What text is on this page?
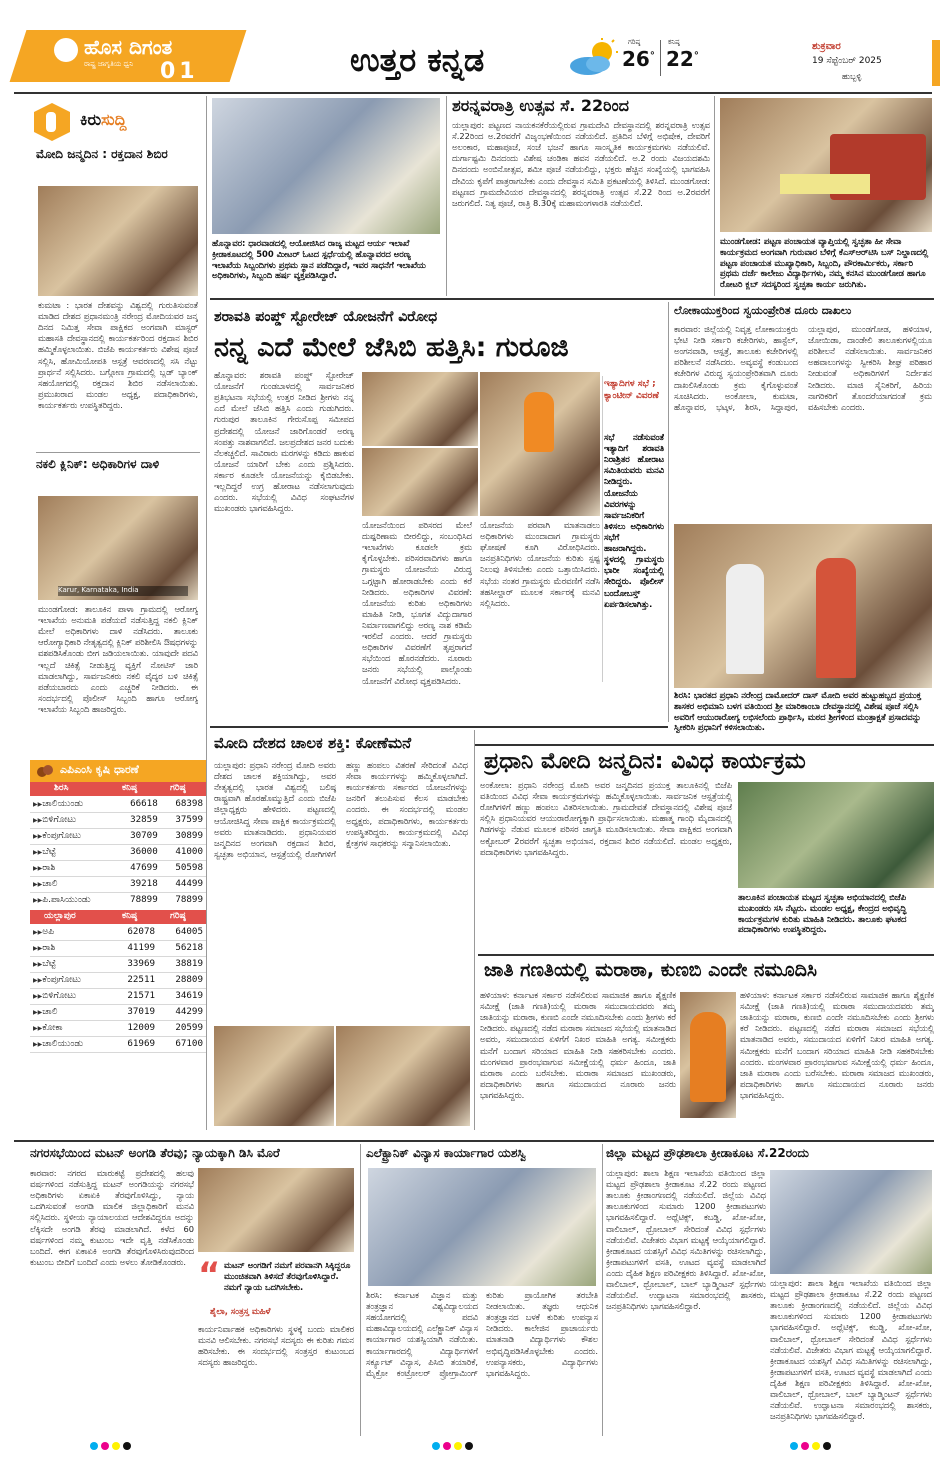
ಹೊಸ ದಿಗಂತ
ರಾಷ್ಟ್ರ ಜಾಗೃತಿಯ ಧ್ವನಿ	01	ಉತ್ತರ ಕನ್ನಡ	ಗರಿಷ್ಠ
26°
ಕನಿಷ್ಠ
22°
ಶುಕ್ರವಾರ
19 ಸೆಪ್ಟೆಂಬರ್ 2025
ಹುಬ್ಬಳ್ಳಿ
ಕಿರುಸುದ್ದಿ
ಮೋದಿ ಜನ್ಮದಿನ : ರಕ್ತದಾನ ಶಿಬಿರ
ಕುಮಟಾ : ಭಾರತ ದೇಶವನ್ನು ವಿಶ್ವದಲ್ಲಿ ಗುರುತಿಸುವಂತೆ ಮಾಡಿದ ದೇಶದ ಪ್ರಧಾನಮಂತ್ರಿ ನರೇಂದ್ರ ಮೋದಿಯವರ ಜನ್ಮ ದಿನದ ನಿಮಿತ್ತ ಸೇವಾ ಪಾಕ್ಷಿಕದ ಅಂಗವಾಗಿ ಮಾಸ್ಟರ್ ಮಹಾಸತಿ ದೇವಸ್ಥಾನದಲ್ಲಿ ಕಾರ್ಯಕರ್ತರಿಂದ ರಕ್ತದಾನ ಶಿಬಿರ ಹಮ್ಮಿಕೊಳ್ಳಲಾಯಿತು. ಬಿಜೆಪಿ ಕಾರ್ಯಕರ್ತರು ವಿಶೇಷ ಪೂಜೆ ಸಲ್ಲಿಸಿ, ಹೋಮಿಯೋಪತಿ ಆಸ್ಪತ್ರೆ ಆವರಣದಲ್ಲಿ ಸಸಿ ನೆಟ್ಟು ಪ್ರಾರ್ಥನೆ ಸಲ್ಲಿಸಿದರು. ಬಗ್ಗೋಣ ಗ್ರಾಮದಲ್ಲಿ ಬ್ಲಡ್ ಬ್ಯಾಂಕ್ ಸಹಯೋಗದಲ್ಲಿ ರಕ್ತದಾನ ಶಿಬಿರ ನಡೆಸಲಾಯಿತು. ಪ್ರಮುಖರಾದ ಮಂಡಲ ಅಧ್ಯಕ್ಷ, ಪದಾಧಿಕಾರಿಗಳು, ಕಾರ್ಯಕರ್ತರು ಉಪಸ್ಥಿತರಿದ್ದರು.
ನಕಲಿ ಕ್ಲಿನಿಕ್: ಅಧಿಕಾರಿಗಳ ದಾಳಿ
Karur, Karnataka, India
ಮುಂಡಗೋಡ: ತಾಲೂಕಿನ ಪಾಳಾ ಗ್ರಾಮದಲ್ಲಿ ಆರೋಗ್ಯ ಇಲಾಖೆಯ ಅನುಮತಿ ಪಡೆಯದೆ ನಡೆಸುತ್ತಿದ್ದ ನಕಲಿ ಕ್ಲಿನಿಕ್ ಮೇಲೆ ಅಧಿಕಾರಿಗಳು ದಾಳಿ ನಡೆಸಿದರು. ತಾಲೂಕು ಆರೋಗ್ಯಾಧಿಕಾರಿ ನೇತೃತ್ವದಲ್ಲಿ ಕ್ಲಿನಿಕ್ ಪರಿಶೀಲಿಸಿ ಔಷಧಗಳನ್ನು ವಶಪಡಿಸಿಕೊಂಡು ಬೀಗ ಜಡಿಯಲಾಯಿತು. ಯಾವುದೇ ಪದವಿ ಇಲ್ಲದೆ ಚಿಕಿತ್ಸೆ ನೀಡುತ್ತಿದ್ದ ವ್ಯಕ್ತಿಗೆ ನೋಟಿಸ್ ಜಾರಿ ಮಾಡಲಾಗಿದ್ದು, ಸಾರ್ವಜನಿಕರು ನಕಲಿ ವೈದ್ಯರ ಬಳಿ ಚಿಕಿತ್ಸೆ ಪಡೆಯಬಾರದು ಎಂದು ಎಚ್ಚರಿಕೆ ನೀಡಿದರು. ಈ ಸಂದರ್ಭದಲ್ಲಿ ಪೊಲೀಸ್ ಸಿಬ್ಬಂದಿ ಹಾಗೂ ಆರೋಗ್ಯ ಇಲಾಖೆಯ ಸಿಬ್ಬಂದಿ ಹಾಜರಿದ್ದರು.
ಎಪಿಎಂಸಿ ಕೃಷಿ ಧಾರಣೆ
ಶಿರಸಿ	ಕನಿಷ್ಠ	ಗರಿಷ್ಠ
▶▶ ಚಾಲಿಯುಂಡು	66618	68398
▶▶ ಬಿಳಿಗೋಟು	32859	37599
▶▶ ಕೆಂಪುಗೋಟು	30709	30899
▶▶ ಬೆಟ್ಟೆ	36000	41000
▶▶ ರಾಶಿ	47699	50598
▶▶ ಚಾಲಿ	39218	44499
▶▶ ಪಿ.ಪಾಸಿಯುಂಡು	78899	78899
ಯಲ್ಲಾಪುರ	ಕನಿಷ್ಠ	ಗರಿಷ್ಠ
▶▶ ಅಪಿ	62078	64005
▶▶ ರಾಶಿ	41199	56218
▶▶ ಬೆಟ್ಟೆ	33969	38819
▶▶ ಕೆಂಪುಗೋಟು	22511	28809
▶▶ ಬಿಳಿಗೋಟು	21571	34619
▶▶ ಚಾಲಿ	37019	44299
▶▶ ಕೋಕಾ	12009	20599
▶▶ ಚಾಲಿಯುಂಡು	61969	67100
ಹೊನ್ನಾವರ: ಧಾರವಾಡದಲ್ಲಿ ಆಯೋಜಿಸಿದ ರಾಜ್ಯ ಮಟ್ಟದ ಆರ್ಯ ಇಲಾಖೆ ಕ್ರೀಡಾಕೂಟದಲ್ಲಿ 500 ಮೀಟರ್ ಓಟದ ಸ್ಪರ್ಧೆಯಲ್ಲಿ ಹೊನ್ನಾವರದ ಅರಣ್ಯ ಇಲಾಖೆಯ ಸಿಬ್ಬಂದಿಗಳು ಪ್ರಥಮ ಸ್ಥಾನ ಪಡೆದಿದ್ದಾರೆ, ಇವರ ಸಾಧನೆಗೆ ಇಲಾಖೆಯ ಅಧಿಕಾರಿಗಳು, ಸಿಬ್ಬಂದಿ ಹರ್ಷ ವ್ಯಕ್ತಪಡಿಸಿದ್ದಾರೆ.
ಶರನ್ನವರಾತ್ರಿ ಉತ್ಸವ ಸೆ. 22ರಿಂದ
ಯಲ್ಲಾಪುರ: ಪಟ್ಟಣದ ನಾಯಕನಕೆರೆಯಲ್ಲಿರುವ ಗ್ರಾಮದೇವಿ ದೇವಸ್ಥಾನದಲ್ಲಿ ಶರನ್ನವರಾತ್ರಿ ಉತ್ಸವ ಸೆ.22ರಿಂದ ಅ.2ರವರೆಗೆ ವಿಜೃಂಭಣೆಯಿಂದ ನಡೆಯಲಿದೆ. ಪ್ರತಿದಿನ ಬೆಳಿಗ್ಗೆ ಅಭಿಷೇಕ, ದೇವರಿಗೆ ಅಲಂಕಾರ, ಮಹಾಪೂಜೆ, ಸಂಜೆ ಭಜನೆ ಹಾಗೂ ಸಾಂಸ್ಕೃತಿಕ ಕಾರ್ಯಕ್ರಮಗಳು ನಡೆಯಲಿವೆ. ದುರ್ಗಾಷ್ಟಮಿ ದಿನದಂದು ವಿಶೇಷ ಚಂಡಿಕಾ ಹವನ ನಡೆಯಲಿದೆ. ಅ.2 ರಂದು ವಿಜಯದಶಮಿ ದಿನದಂದು ಅಂಬಿನೋತ್ಸವ, ಶಮೀ ಪೂಜೆ ನಡೆಯಲಿದ್ದು, ಭಕ್ತರು ಹೆಚ್ಚಿನ ಸಂಖ್ಯೆಯಲ್ಲಿ ಭಾಗವಹಿಸಿ ದೇವಿಯ ಕೃಪೆಗೆ ಪಾತ್ರರಾಗಬೇಕು ಎಂದು ದೇವಸ್ಥಾನ ಸಮಿತಿ ಪ್ರಕಟಣೆಯಲ್ಲಿ ತಿಳಿಸಿದೆ. ಮುಂಡಗೋಡ: ಪಟ್ಟಣದ ಗ್ರಾಮದೇವಿಯರ ದೇವಸ್ಥಾನದಲ್ಲಿ ಶರನ್ನವರಾತ್ರಿ ಉತ್ಸವ ಸೆ.22 ರಿಂದ ಅ.2ರವರೆಗೆ ಜರುಗಲಿದೆ. ನಿತ್ಯ ಪೂಜೆ, ರಾತ್ರಿ 8.30ಕ್ಕೆ ಮಹಾಮಂಗಳಾರತಿ ನಡೆಯಲಿದೆ.
ಮುಂಡಗೋಡ: ಪಟ್ಟಣ ಪಂಚಾಯತ ವ್ಯಾಪ್ತಿಯಲ್ಲಿ ಸ್ವಚ್ಛತಾ ಹೀ ಸೇವಾ ಕಾರ್ಯಕ್ರಮದ ಅಂಗವಾಗಿ ಗುರುವಾರ ಬೆಳಿಗ್ಗೆ ಕೆಎಸ್‌ಆರ್‌ಟಿಸಿ ಬಸ್ ನಿಲ್ದಾಣದಲ್ಲಿ ಪಟ್ಟಣ ಪಂಚಾಯತ ಮುಖ್ಯಾಧಿಕಾರಿ, ಸಿಬ್ಬಂದಿ, ಪೌರಕಾರ್ಮಿಕರು, ಸರ್ಕಾರಿ ಪ್ರಥಮ ದರ್ಜೆ ಕಾಲೇಜು ವಿದ್ಯಾರ್ಥಿಗಳು, ನಮ್ಮ ಕನಸಿನ ಮುಂಡಗೋಡ ಹಾಗೂ ರೋಟರಿ ಕ್ಲಬ್ ಸದಸ್ಯರಿಂದ ಸ್ವಚ್ಛತಾ ಕಾರ್ಯ ಜರುಗಿತು.
ಶರಾವತಿ ಪಂಪ್ಡ್ ಸ್ಟೋರೇಜ್ ಯೋಜನೆಗೆ ವಿರೋಧ
ನನ್ನ ಎದೆ ಮೇಲೆ ಜೆಸಿಬಿ ಹತ್ತಿಸಿ: ಗುರೂಜಿ
ಹೊನ್ನಾವರ: ಶರಾವತಿ ಪಂಪ್ಡ್ ಸ್ಟೋರೇಜ್ ಯೋಜನೆಗೆ ಗುಂಡಬಾಳದಲ್ಲಿ ಸಾರ್ವಜನಿಕರ ಪ್ರತಿಭಟನಾ ಸಭೆಯಲ್ಲಿ ಉತ್ತರ ನೀಡಿದ ಶ್ರೀಗಳು ನನ್ನ ಎದೆ ಮೇಲೆ ಜೆಸಿಬಿ ಹತ್ತಿಸಿ ಎಂದು ಗುಡುಗಿದರು. ಗುರುಪುರ ತಾಲೂಕಿನ ಗೇರುಸೊಪ್ಪ ಸಮೀಪದ ಪ್ರದೇಶದಲ್ಲಿ ಯೋಜನೆ ಜಾರಿಗೊಂಡರೆ ಅರಣ್ಯ ಸಂಪತ್ತು ನಾಶವಾಗಲಿದೆ. ಜಲಪ್ರದೇಶದ ಜನರ ಬದುಕು ನೆಲಕಚ್ಚಲಿದೆ. ಸಾವಿರಾರು ಮರಗಳನ್ನು ಕಡಿದು ಹಾಕುವ ಯೋಜನೆ ಯಾರಿಗೆ ಬೇಕು ಎಂದು ಪ್ರಶ್ನಿಸಿದರು. ಸರ್ಕಾರ ಕೂಡಲೇ ಯೋಜನೆಯನ್ನು ಕೈಬಿಡಬೇಕು. ಇಲ್ಲದಿದ್ದರೆ ಉಗ್ರ ಹೋರಾಟ ನಡೆಸಲಾಗುವುದು ಎಂದರು. ಸಭೆಯಲ್ಲಿ ವಿವಿಧ ಸಂಘಟನೆಗಳ ಮುಖಂಡರು ಭಾಗವಹಿಸಿದ್ದರು.
ಯೋಜನೆಯಿಂದ ಪರಿಸರದ ಮೇಲೆ ದುಷ್ಪರಿಣಾಮ ಬೀರಲಿದ್ದು, ಸಂಬಂಧಿಸಿದ ಇಲಾಖೆಗಳು ಕೂಡಲೇ ಕ್ರಮ ಕೈಗೊಳ್ಳಬೇಕು. ಪರಿಸರವಾದಿಗಳು ಹಾಗೂ ಗ್ರಾಮಸ್ಥರು ಯೋಜನೆಯ ವಿರುದ್ಧ ಒಗ್ಗಟ್ಟಾಗಿ ಹೋರಾಡಬೇಕು ಎಂದು ಕರೆ ನೀಡಿದರು. ಅಧಿಕಾರಿಗಳ ವಿವರಣೆ: ಯೋಜನೆಯ ಕುರಿತು ಅಧಿಕಾರಿಗಳು ಮಾಹಿತಿ ನೀಡಿ, ಭೂಗತ ವಿದ್ಯುದಾಗಾರ ನಿರ್ಮಾಣವಾಗಲಿದ್ದು ಅರಣ್ಯ ನಾಶ ಕಡಿಮೆ ಇರಲಿದೆ ಎಂದರು. ಆದರೆ ಗ್ರಾಮಸ್ಥರು ಅಧಿಕಾರಿಗಳ ವಿವರಣೆಗೆ ತೃಪ್ತರಾಗದೆ ಸಭೆಯಿಂದ ಹೊರನಡೆದರು. ನೂರಾರು ಜನರು ಸಭೆಯಲ್ಲಿ ಪಾಲ್ಗೊಂಡು ಯೋಜನೆಗೆ ವಿರೋಧ ವ್ಯಕ್ತಪಡಿಸಿದರು.
ಯೋಜನೆಯ ಪರವಾಗಿ ಮಾತನಾಡಲು ಅಧಿಕಾರಿಗಳು ಮುಂದಾದಾಗ ಗ್ರಾಮಸ್ಥರು ಘೋಷಣೆ ಕೂಗಿ ವಿರೋಧಿಸಿದರು. ಜನಪ್ರತಿನಿಧಿಗಳು ಯೋಜನೆಯ ಕುರಿತು ಸ್ಪಷ್ಟ ನಿಲುವು ತಿಳಿಸಬೇಕು ಎಂದು ಒತ್ತಾಯಿಸಿದರು. ಸಭೆಯ ನಂತರ ಗ್ರಾಮಸ್ಥರು ಮೆರವಣಿಗೆ ನಡೆಸಿ ತಹಸೀಲ್ದಾರ್ ಮೂಲಕ ಸರ್ಕಾರಕ್ಕೆ ಮನವಿ ಸಲ್ಲಿಸಿದರು.
ಇತ್ಯಾದಿಗಳ ಸಭೆ ; ಕ್ಯಾಂಟೀನ್ ವಿವರಣೆ
ಸಭೆ ನಡೆಸುವಂತೆ ಇತ್ಯಾದಿಗೆ ಶರಾವತಿ ನಿರಾಶ್ರಿತರ ಹೋರಾಟ ಸಮಿತಿಯವರು ಮನವಿ ನೀಡಿದ್ದರು. ಯೋಜನೆಯ ವಿವರಗಳನ್ನು ಸಾರ್ವಜನಿಕರಿಗೆ ತಿಳಿಸಲು ಅಧಿಕಾರಿಗಳು ಸಭೆಗೆ ಹಾಜರಾಗಿದ್ದರು. ಸ್ಥಳದಲ್ಲಿ ಗ್ರಾಮಸ್ಥರು ಭಾರೀ ಸಂಖ್ಯೆಯಲ್ಲಿ ಸೇರಿದ್ದರು. ಪೊಲೀಸ್ ಬಂದೋಬಸ್ತ್ ಏರ್ಪಡಿಸಲಾಗಿತ್ತು.
ಲೋಕಾಯುಕ್ತರಿಂದ ಸ್ವಯಂಪ್ರೇರಿತ ದೂರು ದಾಖಲು
ಕಾರವಾರ: ಜಿಲ್ಲೆಯಲ್ಲಿ ನಿವೃತ್ತ ಲೋಕಾಯುಕ್ತರು ಭೇಟಿ ನೀಡಿ ಸರ್ಕಾರಿ ಕಚೇರಿಗಳು, ಹಾಸ್ಟೆಲ್, ಅಂಗನವಾಡಿ, ಆಸ್ಪತ್ರೆ, ತಾಲೂಕು ಕಚೇರಿಗಳಲ್ಲಿ ಪರಿಶೀಲನೆ ನಡೆಸಿದರು. ಅವ್ಯವಸ್ಥೆ ಕಂಡುಬಂದ ಕಚೇರಿಗಳ ವಿರುದ್ಧ ಸ್ವಯಂಪ್ರೇರಿತವಾಗಿ ದೂರು ದಾಖಲಿಸಿಕೊಂಡು ಕ್ರಮ ಕೈಗೊಳ್ಳುವಂತೆ ಸೂಚಿಸಿದರು. ಅಂಕೋಲಾ, ಕುಮಟಾ, ಹೊನ್ನಾವರ, ಭಟ್ಕಳ, ಶಿರಸಿ, ಸಿದ್ದಾಪುರ, ಯಲ್ಲಾಪುರ, ಮುಂಡಗೋಡ, ಹಳಿಯಾಳ, ಜೋಯಿಡಾ, ದಾಂಡೇಲಿ ತಾಲೂಕುಗಳಲ್ಲಿಯೂ ಪರಿಶೀಲನೆ ನಡೆಸಲಾಯಿತು. ಸಾರ್ವಜನಿಕರ ಅಹವಾಲುಗಳನ್ನು ಸ್ವೀಕರಿಸಿ ಶೀಘ್ರ ಪರಿಹಾರ ನೀಡುವಂತೆ ಅಧಿಕಾರಿಗಳಿಗೆ ನಿರ್ದೇಶನ ನೀಡಿದರು. ಮಾಜಿ ಸೈನಿಕರಿಗೆ, ಹಿರಿಯ ನಾಗರಿಕರಿಗೆ ತೊಂದರೆಯಾಗದಂತೆ ಕ್ರಮ ವಹಿಸಬೇಕು ಎಂದರು.
ಶಿರಸಿ: ಭಾರತದ ಪ್ರಧಾನಿ ನರೇಂದ್ರ ದಾಮೋದರ್ ದಾಸ್ ಮೋದಿ ಅವರ ಹುಟ್ಟುಹಬ್ಬದ ಪ್ರಯುಕ್ತ ಶಾಸಕರ ಅಭಿಮಾನಿ ಬಳಗ ವತಿಯಿಂದ ಶ್ರೀ ಮಾರಿಕಾಂಬಾ ದೇವಸ್ಥಾನದಲ್ಲಿ ವಿಶೇಷ ಪೂಜೆ ಸಲ್ಲಿಸಿ ಅವರಿಗೆ ಆಯುರಾರೋಗ್ಯ ಲಭಿಸಲೆಂದು ಪ್ರಾರ್ಥಿಸಿ, ಮಠದ ಶ್ರೀಗಳಿಂದ ಮಂತ್ರಾಕ್ಷತೆ ಪ್ರಸಾದವನ್ನು ಸ್ವೀಕರಿಸಿ ಪ್ರಧಾನಿಗೆ ಕಳಿಸಲಾಯಿತು.
ಮೋದಿ ದೇಶದ ಚಾಲಕ ಶಕ್ತಿ: ಕೋಣೆಮನೆ
ಯಲ್ಲಾಪುರ: ಪ್ರಧಾನಿ ನರೇಂದ್ರ ಮೋದಿ ಅವರು ದೇಶದ ಚಾಲಕ ಶಕ್ತಿಯಾಗಿದ್ದು, ಅವರ ನೇತೃತ್ವದಲ್ಲಿ ಭಾರತ ವಿಶ್ವದಲ್ಲಿ ಬಲಿಷ್ಠ ರಾಷ್ಟ್ರವಾಗಿ ಹೊರಹೊಮ್ಮುತ್ತಿದೆ ಎಂದು ಬಿಜೆಪಿ ಜಿಲ್ಲಾಧ್ಯಕ್ಷರು ಹೇಳಿದರು. ಪಟ್ಟಣದಲ್ಲಿ ಆಯೋಜಿಸಿದ್ದ ಸೇವಾ ಪಾಕ್ಷಿಕ ಕಾರ್ಯಕ್ರಮದಲ್ಲಿ ಅವರು ಮಾತನಾಡಿದರು. ಪ್ರಧಾನಿಯವರ ಜನ್ಮದಿನದ ಅಂಗವಾಗಿ ರಕ್ತದಾನ ಶಿಬಿರ, ಸ್ವಚ್ಛತಾ ಅಭಿಯಾನ, ಆಸ್ಪತ್ರೆಯಲ್ಲಿ ರೋಗಿಗಳಿಗೆ ಹಣ್ಣು ಹಂಪಲು ವಿತರಣೆ ಸೇರಿದಂತೆ ವಿವಿಧ ಸೇವಾ ಕಾರ್ಯಗಳನ್ನು ಹಮ್ಮಿಕೊಳ್ಳಲಾಗಿದೆ. ಕಾರ್ಯಕರ್ತರು ಸರ್ಕಾರದ ಯೋಜನೆಗಳನ್ನು ಜನರಿಗೆ ತಲುಪಿಸುವ ಕೆಲಸ ಮಾಡಬೇಕು ಎಂದರು. ಈ ಸಂದರ್ಭದಲ್ಲಿ ಮಂಡಲ ಅಧ್ಯಕ್ಷರು, ಪದಾಧಿಕಾರಿಗಳು, ಕಾರ್ಯಕರ್ತರು ಉಪಸ್ಥಿತರಿದ್ದರು. ಕಾರ್ಯಕ್ರಮದಲ್ಲಿ ವಿವಿಧ ಕ್ಷೇತ್ರಗಳ ಸಾಧಕರನ್ನು ಸನ್ಮಾನಿಸಲಾಯಿತು.
ಪ್ರಧಾನಿ ಮೋದಿ ಜನ್ಮದಿನ: ವಿವಿಧ ಕಾರ್ಯಕ್ರಮ
ಅಂಕೋಲಾ: ಪ್ರಧಾನಿ ನರೇಂದ್ರ ಮೋದಿ ಅವರ ಜನ್ಮದಿನದ ಪ್ರಯುಕ್ತ ತಾಲೂಕಿನಲ್ಲಿ ಬಿಜೆಪಿ ವತಿಯಿಂದ ವಿವಿಧ ಸೇವಾ ಕಾರ್ಯಕ್ರಮಗಳನ್ನು ಹಮ್ಮಿಕೊಳ್ಳಲಾಯಿತು. ಸಾರ್ವಜನಿಕ ಆಸ್ಪತ್ರೆಯಲ್ಲಿ ರೋಗಿಗಳಿಗೆ ಹಣ್ಣು ಹಂಪಲು ವಿತರಿಸಲಾಯಿತು. ಗ್ರಾಮದೇವತೆ ದೇವಸ್ಥಾನದಲ್ಲಿ ವಿಶೇಷ ಪೂಜೆ ಸಲ್ಲಿಸಿ ಪ್ರಧಾನಿಯವರ ಆಯುರಾರೋಗ್ಯಕ್ಕಾಗಿ ಪ್ರಾರ್ಥಿಸಲಾಯಿತು. ಮಹಾತ್ಮ ಗಾಂಧಿ ಮೈದಾನದಲ್ಲಿ ಗಿಡಗಳನ್ನು ನೆಡುವ ಮೂಲಕ ಪರಿಸರ ಜಾಗೃತಿ ಮೂಡಿಸಲಾಯಿತು. ಸೇವಾ ಪಾಕ್ಷಿಕದ ಅಂಗವಾಗಿ ಅಕ್ಟೋಬರ್ 2ರವರೆಗೆ ಸ್ವಚ್ಛತಾ ಅಭಿಯಾನ, ರಕ್ತದಾನ ಶಿಬಿರ ನಡೆಯಲಿದೆ. ಮಂಡಲ ಅಧ್ಯಕ್ಷರು, ಪದಾಧಿಕಾರಿಗಳು ಭಾಗವಹಿಸಿದ್ದರು.
ತಾಲೂಕಿನ ಪಂಚಾಯತ ಮಟ್ಟದ ಸ್ವಚ್ಛತಾ ಅಭಿಯಾನದಲ್ಲಿ ಬಿಜೆಪಿ ಮುಖಂಡರು ಸಸಿ ನೆಟ್ಟರು. ಮಂಡಲ ಅಧ್ಯಕ್ಷ, ಕೇಂದ್ರದ ಅಭಿವೃದ್ಧಿ ಕಾರ್ಯಕ್ರಮಗಳ ಕುರಿತು ಮಾಹಿತಿ ನೀಡಿದರು. ತಾಲೂಕು ಘಟಕದ ಪದಾಧಿಕಾರಿಗಳು ಉಪಸ್ಥಿತರಿದ್ದರು.
ಜಾತಿ ಗಣತಿಯಲ್ಲಿ ಮರಾಠಾ, ಕುಣಬಿ ಎಂದೇ ನಮೂದಿಸಿ
ಹಳಿಯಾಳ: ಕರ್ನಾಟಕ ಸರ್ಕಾರ ನಡೆಸಲಿರುವ ಸಾಮಾಜಿಕ ಹಾಗೂ ಶೈಕ್ಷಣಿಕ ಸಮೀಕ್ಷೆ (ಜಾತಿ ಗಣತಿ)ಯಲ್ಲಿ ಮರಾಠಾ ಸಮುದಾಯದವರು ತಮ್ಮ ಜಾತಿಯನ್ನು ಮರಾಠಾ, ಕುಣಬಿ ಎಂದೇ ನಮೂದಿಸಬೇಕು ಎಂದು ಶ್ರೀಗಳು ಕರೆ ನೀಡಿದರು. ಪಟ್ಟಣದಲ್ಲಿ ನಡೆದ ಮರಾಠಾ ಸಮಾಜದ ಸಭೆಯಲ್ಲಿ ಮಾತನಾಡಿದ ಅವರು, ಸಮುದಾಯದ ಏಳಿಗೆಗೆ ನಿಖರ ಮಾಹಿತಿ ಅಗತ್ಯ. ಸಮೀಕ್ಷಕರು ಮನೆಗೆ ಬಂದಾಗ ಸರಿಯಾದ ಮಾಹಿತಿ ನೀಡಿ ಸಹಕರಿಸಬೇಕು ಎಂದರು. ಮಂಗಳವಾರ ಪ್ರಾರಂಭವಾಗುವ ಸಮೀಕ್ಷೆಯಲ್ಲಿ ಧರ್ಮ ಹಿಂದೂ, ಜಾತಿ ಮರಾಠಾ ಎಂದು ಬರೆಸಬೇಕು. ಮರಾಠಾ ಸಮಾಜದ ಮುಖಂಡರು, ಪದಾಧಿಕಾರಿಗಳು ಹಾಗೂ ಸಮುದಾಯದ ನೂರಾರು ಜನರು ಭಾಗವಹಿಸಿದ್ದರು.
ಹಳಿಯಾಳ: ಕರ್ನಾಟಕ ಸರ್ಕಾರ ನಡೆಸಲಿರುವ ಸಾಮಾಜಿಕ ಹಾಗೂ ಶೈಕ್ಷಣಿಕ ಸಮೀಕ್ಷೆ (ಜಾತಿ ಗಣತಿ)ಯಲ್ಲಿ ಮರಾಠಾ ಸಮುದಾಯದವರು ತಮ್ಮ ಜಾತಿಯನ್ನು ಮರಾಠಾ, ಕುಣಬಿ ಎಂದೇ ನಮೂದಿಸಬೇಕು ಎಂದು ಶ್ರೀಗಳು ಕರೆ ನೀಡಿದರು. ಪಟ್ಟಣದಲ್ಲಿ ನಡೆದ ಮರಾಠಾ ಸಮಾಜದ ಸಭೆಯಲ್ಲಿ ಮಾತನಾಡಿದ ಅವರು, ಸಮುದಾಯದ ಏಳಿಗೆಗೆ ನಿಖರ ಮಾಹಿತಿ ಅಗತ್ಯ. ಸಮೀಕ್ಷಕರು ಮನೆಗೆ ಬಂದಾಗ ಸರಿಯಾದ ಮಾಹಿತಿ ನೀಡಿ ಸಹಕರಿಸಬೇಕು ಎಂದರು. ಮಂಗಳವಾರ ಪ್ರಾರಂಭವಾಗುವ ಸಮೀಕ್ಷೆಯಲ್ಲಿ ಧರ್ಮ ಹಿಂದೂ, ಜಾತಿ ಮರಾಠಾ ಎಂದು ಬರೆಸಬೇಕು. ಮರಾಠಾ ಸಮಾಜದ ಮುಖಂಡರು, ಪದಾಧಿಕಾರಿಗಳು ಹಾಗೂ ಸಮುದಾಯದ ನೂರಾರು ಜನರು ಭಾಗವಹಿಸಿದ್ದರು.
ನಗರಸಭೆಯಿಂದ ಮಟನ್ ಅಂಗಡಿ ತೆರವು; ನ್ಯಾಯಕ್ಕಾಗಿ ಡಿಸಿ ಮೊರೆ
ಕಾರವಾರ: ನಗರದ ಮಾರುಕಟ್ಟೆ ಪ್ರದೇಶದಲ್ಲಿ ಹಲವು ವರ್ಷಗಳಿಂದ ನಡೆಸುತ್ತಿದ್ದ ಮಟನ್ ಅಂಗಡಿಯನ್ನು ನಗರಸಭೆ ಅಧಿಕಾರಿಗಳು ಏಕಾಏಕಿ ತೆರವುಗೊಳಿಸಿದ್ದು, ನ್ಯಾಯ ಒದಗಿಸುವಂತೆ ಅಂಗಡಿ ಮಾಲಿಕ ಜಿಲ್ಲಾಧಿಕಾರಿಗೆ ಮನವಿ ಸಲ್ಲಿಸಿದರು. ಸ್ಥಳೀಯ ನ್ಯಾಯಾಲಯದ ಆದೇಶವಿದ್ದರೂ ಅದನ್ನು ಲೆಕ್ಕಿಸದೇ ಅಂಗಡಿ ತೆರವು ಮಾಡಲಾಗಿದೆ. ಕಳೆದ 60 ವರ್ಷಗಳಿಂದ ನಮ್ಮ ಕುಟುಂಬ ಇದೇ ವೃತ್ತಿ ನಡೆಸಿಕೊಂಡು ಬಂದಿದೆ. ಈಗ ಏಕಾಏಕಿ ಅಂಗಡಿ ತೆರವುಗೊಳಿಸಿರುವುದರಿಂದ ಕುಟುಂಬ ಬೀದಿಗೆ ಬಂದಿದೆ ಎಂದು ಅಳಲು ತೋಡಿಕೊಂಡರು. “ ಮಟನ್ ಅಂಗಡಿಗೆ ನಮಗೆ ಪರವಾನಗಿ ಸಿಕ್ಕಿದ್ದರೂ ಮುಂಚಿತವಾಗಿ ತಿಳಿಸದೆ ತೆರವುಗೊಳಿಸಿದ್ದಾರೆ. ನಮಗೆ ನ್ಯಾಯ ಒದಗಿಸಬೇಕು.
ಶೈಲಾ, ಸಂತ್ರಸ್ತ ಮಹಿಳೆ
ಕಾರ್ಯನಿರ್ವಾಹಕ ಅಧಿಕಾರಿಗಳು ಸ್ಥಳಕ್ಕೆ ಬಂದು ಮಾಲಿಕರ ಮನವಿ ಆಲಿಸಬೇಕು. ನಗರಸಭೆ ಸದಸ್ಯರು ಈ ಕುರಿತು ಗಮನ ಹರಿಸಬೇಕು. ಈ ಸಂದರ್ಭದಲ್ಲಿ ಸಂತ್ರಸ್ತರ ಕುಟುಂಬದ ಸದಸ್ಯರು ಹಾಜರಿದ್ದರು.
ಎಲೆಕ್ಟ್ರಾನಿಕ್ ವಿನ್ಯಾಸ ಕಾರ್ಯಾಗಾರ ಯಶಸ್ವಿ
ಶಿರಸಿ: ಕರ್ನಾಟಕ ವಿಜ್ಞಾನ ಮತ್ತು ತಂತ್ರಜ್ಞಾನ ವಿಶ್ವವಿದ್ಯಾಲಯದ ಸಹಯೋಗದಲ್ಲಿ ಪದವಿ ಮಹಾವಿದ್ಯಾಲಯದಲ್ಲಿ ಎಲೆಕ್ಟ್ರಾನಿಕ್ ವಿನ್ಯಾಸ ಕಾರ್ಯಾಗಾರ ಯಶಸ್ವಿಯಾಗಿ ನಡೆಯಿತು. ಕಾರ್ಯಾಗಾರದಲ್ಲಿ ವಿದ್ಯಾರ್ಥಿಗಳಿಗೆ ಸರ್ಕ್ಯೂಟ್ ವಿನ್ಯಾಸ, ಪಿಸಿಬಿ ತಯಾರಿಕೆ, ಮೈಕ್ರೋ ಕಂಟ್ರೋಲರ್ ಪ್ರೋಗ್ರಾಮಿಂಗ್ ಕುರಿತು ಪ್ರಾಯೋಗಿಕ ತರಬೇತಿ ನೀಡಲಾಯಿತು. ತಜ್ಞರು ಆಧುನಿಕ ತಂತ್ರಜ್ಞಾನದ ಬಳಕೆ ಕುರಿತು ಉಪನ್ಯಾಸ ನೀಡಿದರು. ಕಾಲೇಜಿನ ಪ್ರಾಚಾರ್ಯರು ಮಾತನಾಡಿ ವಿದ್ಯಾರ್ಥಿಗಳು ಕೌಶಲ ಅಭಿವೃದ್ಧಿಪಡಿಸಿಕೊಳ್ಳಬೇಕು ಎಂದರು. ಉಪನ್ಯಾಸಕರು, ವಿದ್ಯಾರ್ಥಿಗಳು ಭಾಗವಹಿಸಿದ್ದರು.
ಜಿಲ್ಲಾ ಮಟ್ಟದ ಪ್ರೌಢಶಾಲಾ ಕ್ರೀಡಾಕೂಟ ಸೆ.22ರಂದು
ಯಲ್ಲಾಪುರ: ಶಾಲಾ ಶಿಕ್ಷಣ ಇಲಾಖೆಯ ವತಿಯಿಂದ ಜಿಲ್ಲಾ ಮಟ್ಟದ ಪ್ರೌಢಶಾಲಾ ಕ್ರೀಡಾಕೂಟ ಸೆ.22 ರಂದು ಪಟ್ಟಣದ ತಾಲೂಕು ಕ್ರೀಡಾಂಗಣದಲ್ಲಿ ನಡೆಯಲಿದೆ. ಜಿಲ್ಲೆಯ ವಿವಿಧ ತಾಲೂಕುಗಳಿಂದ ಸುಮಾರು 1200 ಕ್ರೀಡಾಪಟುಗಳು ಭಾಗವಹಿಸಲಿದ್ದಾರೆ. ಅಥ್ಲೆಟಿಕ್ಸ್, ಕಬಡ್ಡಿ, ಖೋ-ಖೋ, ವಾಲಿಬಾಲ್, ಥ್ರೋಬಾಲ್ ಸೇರಿದಂತೆ ವಿವಿಧ ಸ್ಪರ್ಧೆಗಳು ನಡೆಯಲಿವೆ. ವಿಜೇತರು ವಿಭಾಗ ಮಟ್ಟಕ್ಕೆ ಆಯ್ಕೆಯಾಗಲಿದ್ದಾರೆ. ಕ್ರೀಡಾಕೂಟದ ಯಶಸ್ಸಿಗೆ ವಿವಿಧ ಸಮಿತಿಗಳನ್ನು ರಚಿಸಲಾಗಿದ್ದು, ಕ್ರೀಡಾಪಟುಗಳಿಗೆ ವಸತಿ, ಊಟದ ವ್ಯವಸ್ಥೆ ಮಾಡಲಾಗಿದೆ ಎಂದು ದೈಹಿಕ ಶಿಕ್ಷಣ ಪರಿವೀಕ್ಷಕರು ತಿಳಿಸಿದ್ದಾರೆ. ಖೋ-ಖೋ, ವಾಲಿಬಾಲ್, ಥ್ರೋಬಾಲ್, ಬಾಲ್ ಬ್ಯಾಡ್ಮಿಂಟನ್ ಸ್ಪರ್ಧೆಗಳು ನಡೆಯಲಿವೆ. ಉದ್ಘಾಟನಾ ಸಮಾರಂಭದಲ್ಲಿ ಶಾಸಕರು, ಜನಪ್ರತಿನಿಧಿಗಳು ಭಾಗವಹಿಸಲಿದ್ದಾರೆ.
ಯಲ್ಲಾಪುರ: ಶಾಲಾ ಶಿಕ್ಷಣ ಇಲಾಖೆಯ ವತಿಯಿಂದ ಜಿಲ್ಲಾ ಮಟ್ಟದ ಪ್ರೌಢಶಾಲಾ ಕ್ರೀಡಾಕೂಟ ಸೆ.22 ರಂದು ಪಟ್ಟಣದ ತಾಲೂಕು ಕ್ರೀಡಾಂಗಣದಲ್ಲಿ ನಡೆಯಲಿದೆ. ಜಿಲ್ಲೆಯ ವಿವಿಧ ತಾಲೂಕುಗಳಿಂದ ಸುಮಾರು 1200 ಕ್ರೀಡಾಪಟುಗಳು ಭಾಗವಹಿಸಲಿದ್ದಾರೆ. ಅಥ್ಲೆಟಿಕ್ಸ್, ಕಬಡ್ಡಿ, ಖೋ-ಖೋ, ವಾಲಿಬಾಲ್, ಥ್ರೋಬಾಲ್ ಸೇರಿದಂತೆ ವಿವಿಧ ಸ್ಪರ್ಧೆಗಳು ನಡೆಯಲಿವೆ. ವಿಜೇತರು ವಿಭಾಗ ಮಟ್ಟಕ್ಕೆ ಆಯ್ಕೆಯಾಗಲಿದ್ದಾರೆ. ಕ್ರೀಡಾಕೂಟದ ಯಶಸ್ಸಿಗೆ ವಿವಿಧ ಸಮಿತಿಗಳನ್ನು ರಚಿಸಲಾಗಿದ್ದು, ಕ್ರೀಡಾಪಟುಗಳಿಗೆ ವಸತಿ, ಊಟದ ವ್ಯವಸ್ಥೆ ಮಾಡಲಾಗಿದೆ ಎಂದು ದೈಹಿಕ ಶಿಕ್ಷಣ ಪರಿವೀಕ್ಷಕರು ತಿಳಿಸಿದ್ದಾರೆ. ಖೋ-ಖೋ, ವಾಲಿಬಾಲ್, ಥ್ರೋಬಾಲ್, ಬಾಲ್ ಬ್ಯಾಡ್ಮಿಂಟನ್ ಸ್ಪರ್ಧೆಗಳು ನಡೆಯಲಿವೆ. ಉದ್ಘಾಟನಾ ಸಮಾರಂಭದಲ್ಲಿ ಶಾಸಕರು, ಜನಪ್ರತಿನಿಧಿಗಳು ಭಾಗವಹಿಸಲಿದ್ದಾರೆ.
